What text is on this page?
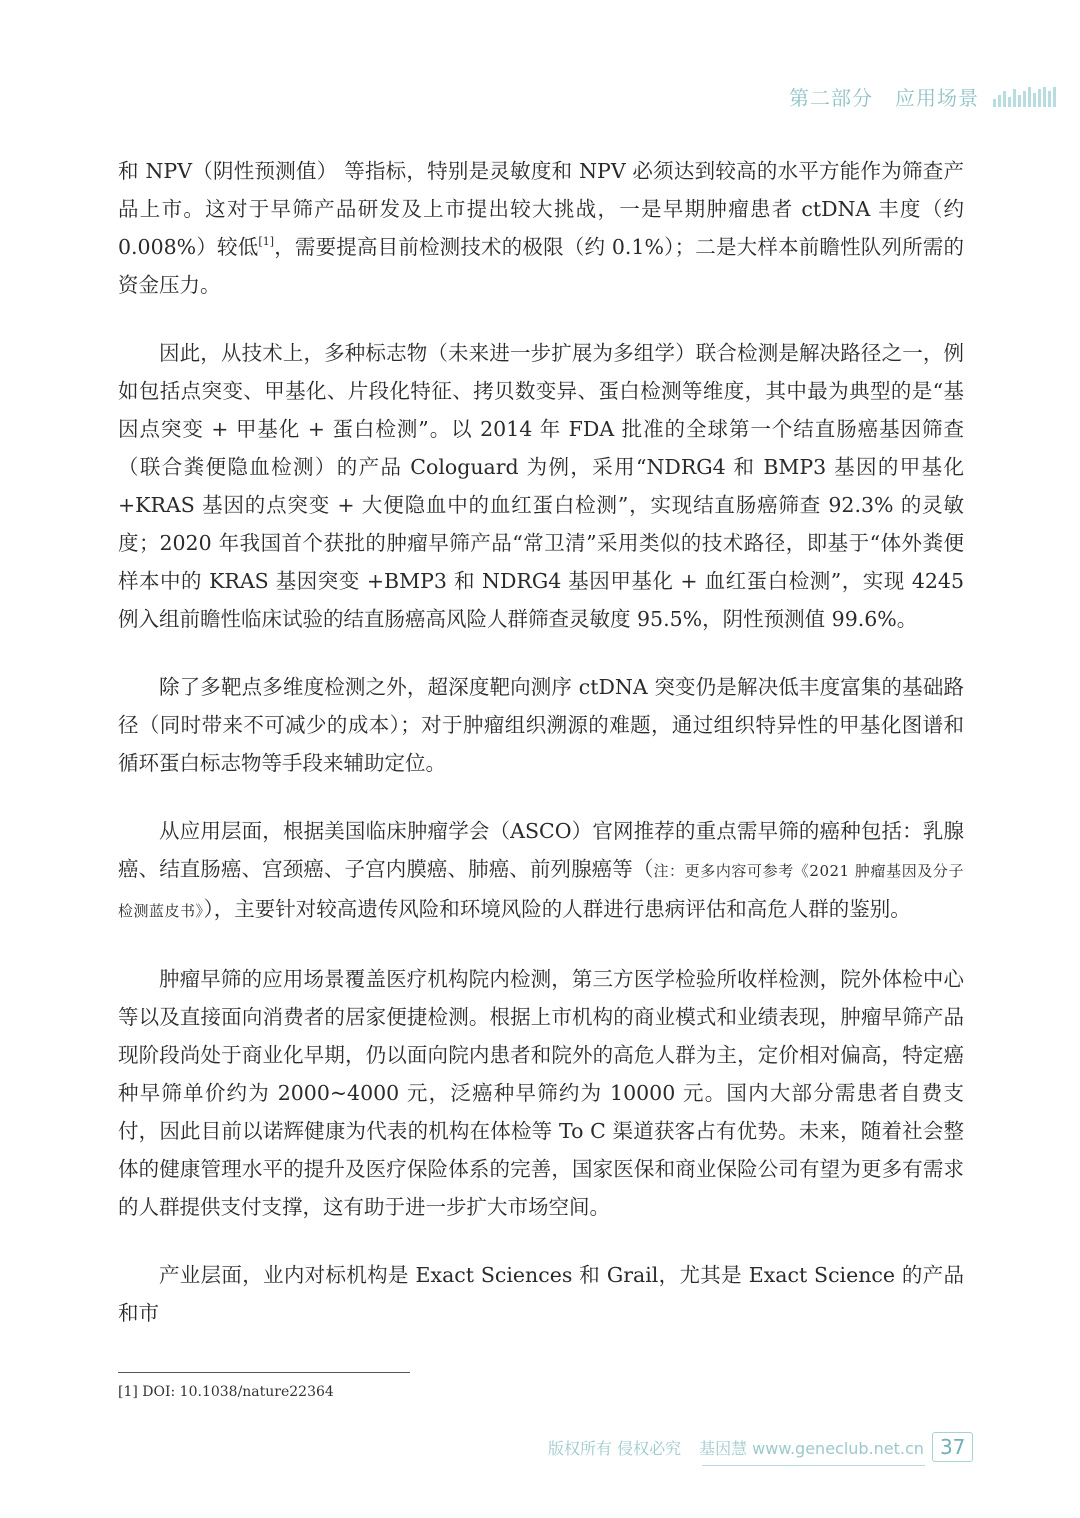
第二部分 应用场景

和 NPV（阴性预测值） 等指标，特别是灵敏度和 NPV 必须达到较高的水平方能作为筛查产品上市。这对于早筛产品研发及上市提出较大挑战，一是早期肿瘤患者 ctDNA 丰度（约 0.008%）较低[1]，需要提高目前检测技术的极限（约 0.1%）；二是大样本前瞻性队列所需的资金压力。

因此，从技术上，多种标志物（未来进一步扩展为多组学）联合检测是解决路径之一，例如包括点突变、甲基化、片段化特征、拷贝数变异、蛋白检测等维度，其中最为典型的是“基因点突变 + 甲基化 + 蛋白检测”。以 2014 年 FDA 批准的全球第一个结直肠癌基因筛查（联合粪便隐血检测）的产品 Cologuard 为例，采用“NDRG4 和 BMP3 基因的甲基化 +KRAS 基因的点突变 + 大便隐血中的血红蛋白检测”，实现结直肠癌筛查 92.3% 的灵敏度；2020 年我国首个获批的肿瘤早筛产品“常卫清”采用类似的技术路径，即基于“体外粪便样本中的 KRAS 基因突变 +BMP3 和 NDRG4 基因甲基化 + 血红蛋白检测”，实现 4245 例入组前瞻性临床试验的结直肠癌高风险人群筛查灵敏度 95.5%，阴性预测值 99.6%。

除了多靶点多维度检测之外，超深度靶向测序 ctDNA 突变仍是解决低丰度富集的基础路径（同时带来不可减少的成本）；对于肿瘤组织溯源的难题，通过组织特异性的甲基化图谱和循环蛋白标志物等手段来辅助定位。

从应用层面，根据美国临床肿瘤学会（ASCO）官网推荐的重点需早筛的癌种包括：乳腺癌、结直肠癌、宫颈癌、子宫内膜癌、肺癌、前列腺癌等（注：更多内容可参考《2021 肿瘤基因及分子检测蓝皮书》），主要针对较高遗传风险和环境风险的人群进行患病评估和高危人群的鉴别。

肿瘤早筛的应用场景覆盖医疗机构院内检测，第三方医学检验所收样检测，院外体检中心等以及直接面向消费者的居家便捷检测。根据上市机构的商业模式和业绩表现，肿瘤早筛产品现阶段尚处于商业化早期，仍以面向院内患者和院外的高危人群为主，定价相对偏高，特定癌种早筛单价约为 2000~4000 元，泛癌种早筛约为 10000 元。国内大部分需患者自费支付，因此目前以诺辉健康为代表的机构在体检等 To C 渠道获客占有优势。未来，随着社会整体的健康管理水平的提升及医疗保险体系的完善，国家医保和商业保险公司有望为更多有需求的人群提供支付支撑，这有助于进一步扩大市场空间。

产业层面，业内对标机构是 Exact Sciences 和 Grail，尤其是 Exact Science 的产品和市

[1] DOI: 10.1038/nature22364
版权所有 侵权必究 基因慧 www.geneclub.net.cn 37
